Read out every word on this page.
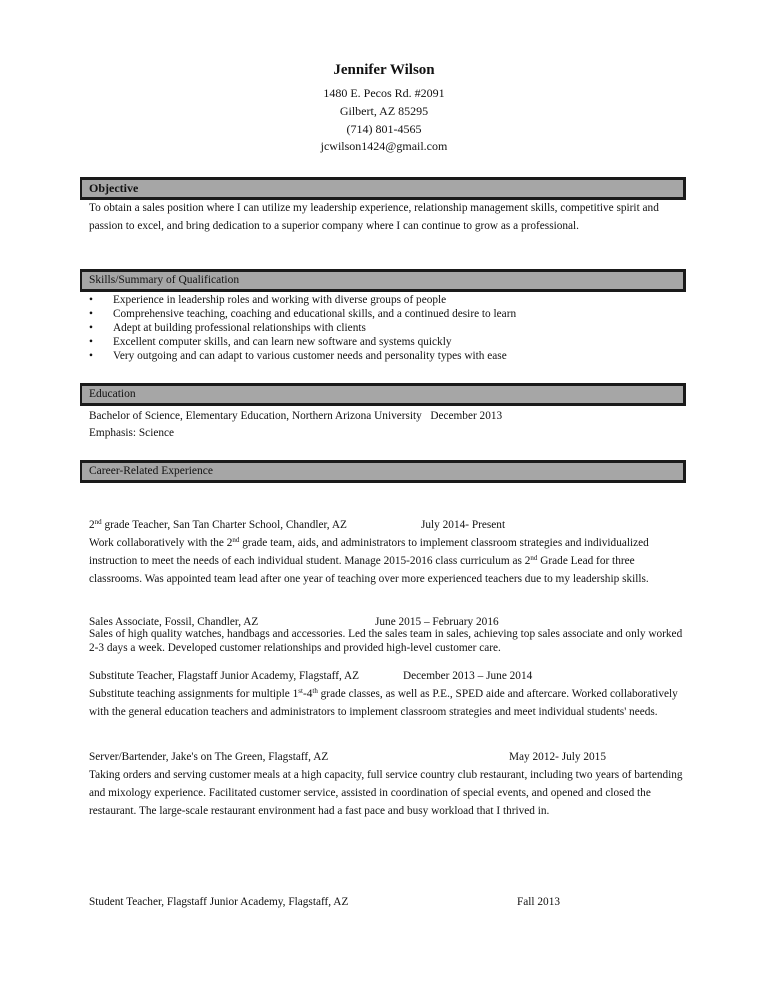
Jennifer Wilson
1480 E. Pecos Rd. #2091
Gilbert, AZ 85295
(714) 801-4565
jcwilson1424@gmail.com
Objective
To obtain a sales position where I can utilize my leadership experience, relationship management skills, competitive spirit and passion to excel, and bring dedication to a superior company where I can continue to grow as a professional.
Skills/Summary of Qualification
• Experience in leadership roles and working with diverse groups of people
• Comprehensive teaching, coaching and educational skills, and a continued desire to learn
• Adept at building professional relationships with clients
• Excellent computer skills, and can learn new software and systems quickly
• Very outgoing and can adapt to various customer needs and personality types with ease
Education
Bachelor of Science, Elementary Education, Northern Arizona University December 2013
Emphasis: Science
Career-Related Experience
2nd grade Teacher, San Tan Charter School, Chandler, AZ	July 2014- Present
Work collaboratively with the 2nd grade team, aids, and administrators to implement classroom strategies and individualized instruction to meet the needs of each individual student. Manage 2015-2016 class curriculum as 2nd Grade Lead for three classrooms. Was appointed team lead after one year of teaching over more experienced teachers due to my leadership skills.
Sales Associate, Fossil, Chandler, AZ	June 2015 – February 2016
Sales of high quality watches, handbags and accessories. Led the sales team in sales, achieving top sales associate and only worked 2-3 days a week. Developed customer relationships and provided high-level customer care.
Substitute Teacher, Flagstaff Junior Academy, Flagstaff, AZ	December 2013 – June 2014
Substitute teaching assignments for multiple 1st-4th grade classes, as well as P.E., SPED aide and aftercare. Worked collaboratively with the general education teachers and administrators to implement classroom strategies and meet individual students' needs.
Server/Bartender, Jake's on The Green, Flagstaff, AZ	May 2012- July 2015
Taking orders and serving customer meals at a high capacity, full service country club restaurant, including two years of bartending and mixology experience. Facilitated customer service, assisted in coordination of special events, and opened and closed the restaurant. The large-scale restaurant environment had a fast pace and busy workload that I thrived in.
Student Teacher, Flagstaff Junior Academy, Flagstaff, AZ	Fall 2013
